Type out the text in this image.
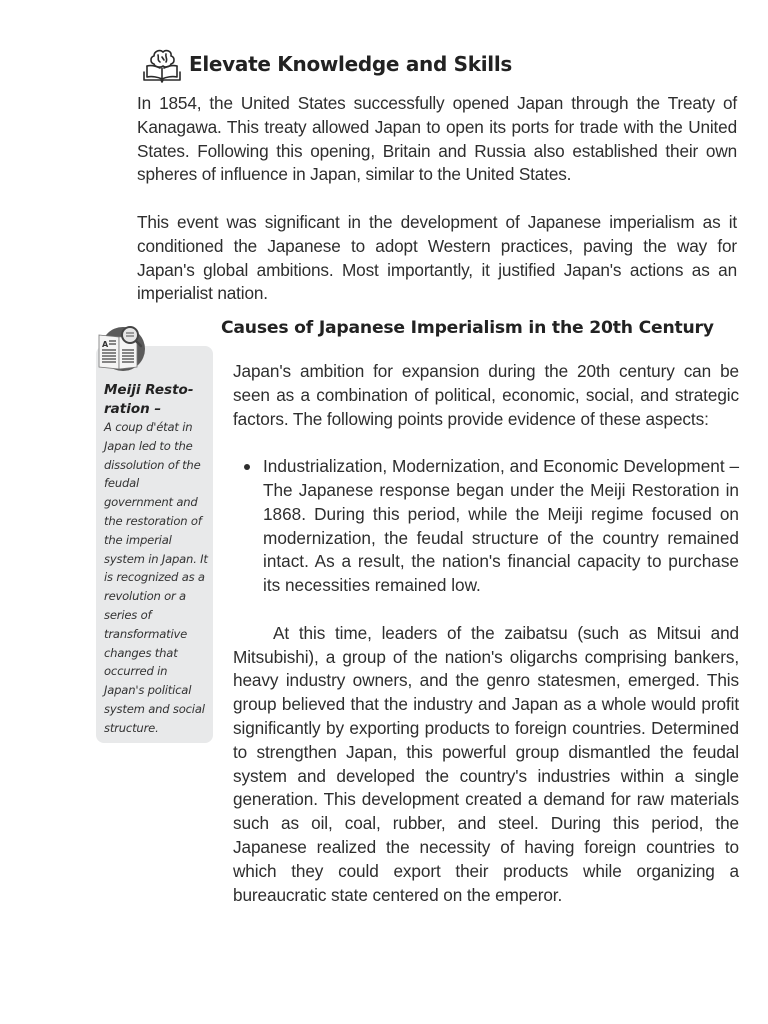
Elevate Knowledge and Skills

In 1854, the United States successfully opened Japan through the Treaty of Kanagawa. This treaty allowed Japan to open its ports for trade with the United States. Following this opening, Britain and Russia also established their own spheres of influence in Japan, similar to the United States.

This event was significant in the development of Japanese imperialism as it conditioned the Japanese to adopt Western practices, paving the way for Japan's global ambitions. Most importantly, it justified Japan's actions as an imperialist nation.

A

Meiji Resto-ration –

A coup d'état in Japan led to the dissolution of the feudal government and the restoration of the imperial system in Japan. It is recognized as a revolution or a series of transformative changes that occurred in Japan's political system and social structure.

Causes of Japanese Imperialism in the 20th Century

Japan's ambition for expansion during the 20th century can be seen as a combination of political, economic, social, and strategic factors. The following points provide evidence of these aspects:

Industrialization, Modernization, and Economic Development – The Japanese response began under the Meiji Restoration in 1868. During this period, while the Meiji regime focused on modernization, the feudal structure of the country remained intact. As a result, the nation's financial capacity to purchase its necessities remained low.

At this time, leaders of the zaibatsu (such as Mitsui and Mitsubishi), a group of the nation's oligarchs comprising bankers, heavy industry owners, and the genro statesmen, emerged. This group believed that the industry and Japan as a whole would profit significantly by exporting products to foreign countries. Determined to strengthen Japan, this powerful group dismantled the feudal system and developed the country's industries within a single generation. This development created a demand for raw materials such as oil, coal, rubber, and steel. During this period, the Japanese realized the necessity of having foreign countries to which they could export their products while organizing a bureaucratic state centered on the emperor.
